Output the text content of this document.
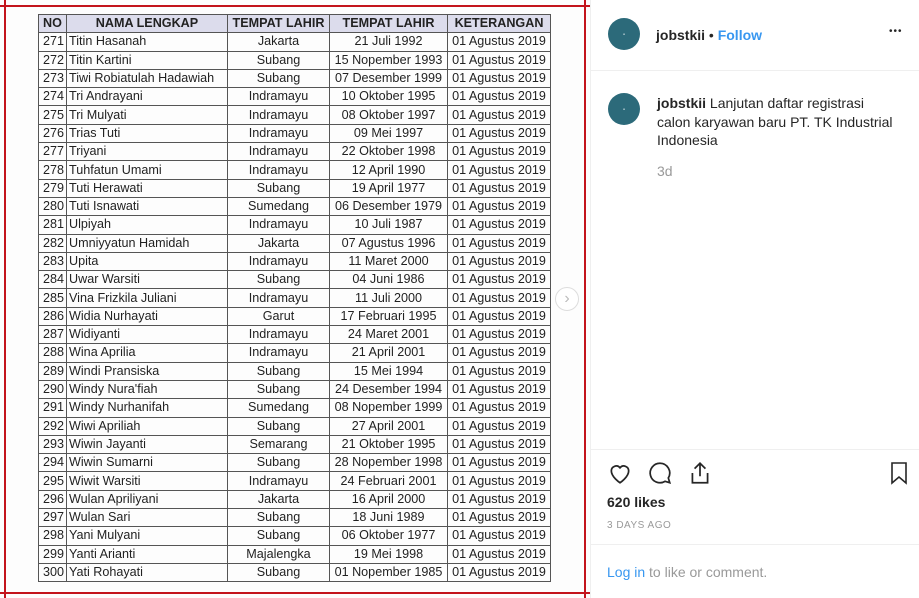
NO	NAMA LENGKAP	TEMPAT LAHIR	TEMPAT LAHIR	KETERANGAN
271	Titin Hasanah	Jakarta	21 Juli 1992	01 Agustus 2019
272	Titin Kartini	Subang	15 Nopember 1993	01 Agustus 2019
273	Tiwi Robiatulah Hadawiah	Subang	07 Desember 1999	01 Agustus 2019
274	Tri Andrayani	Indramayu	10 Oktober 1995	01 Agustus 2019
275	Tri Mulyati	Indramayu	08 Oktober 1997	01 Agustus 2019
276	Trias Tuti	Indramayu	09 Mei 1997	01 Agustus 2019
277	Triyani	Indramayu	22 Oktober 1998	01 Agustus 2019
278	Tuhfatun Umami	Indramayu	12 April 1990	01 Agustus 2019
279	Tuti Herawati	Subang	19 April 1977	01 Agustus 2019
280	Tuti Isnawati	Sumedang	06 Desember 1979	01 Agustus 2019
281	Ulpiyah	Indramayu	10 Juli 1987	01 Agustus 2019
282	Umniyyatun Hamidah	Jakarta	07 Agustus 1996	01 Agustus 2019
283	Upita	Indramayu	11 Maret 2000	01 Agustus 2019
284	Uwar Warsiti	Subang	04 Juni 1986	01 Agustus 2019
285	Vina Frizkila Juliani	Indramayu	11 Juli 2000	01 Agustus 2019
286	Widia Nurhayati	Garut	17 Februari 1995	01 Agustus 2019
287	Widiyanti	Indramayu	24 Maret 2001	01 Agustus 2019
288	Wina Aprilia	Indramayu	21 April 2001	01 Agustus 2019
289	Windi Pransiska	Subang	15 Mei 1994	01 Agustus 2019
290	Windy Nura'fiah	Subang	24 Desember 1994	01 Agustus 2019
291	Windy Nurhanifah	Sumedang	08 Nopember 1999	01 Agustus 2019
292	Wiwi Apriliah	Subang	27 April 2001	01 Agustus 2019
293	Wiwin Jayanti	Semarang	21 Oktober 1995	01 Agustus 2019
294	Wiwin Sumarni	Subang	28 Nopember 1998	01 Agustus 2019
295	Wiwit Warsiti	Indramayu	24 Februari 2001	01 Agustus 2019
296	Wulan Apriliyani	Jakarta	16 April 2000	01 Agustus 2019
297	Wulan Sari	Subang	18 Juni 1989	01 Agustus 2019
298	Yani Mulyani	Subang	06 Oktober 1977	01 Agustus 2019
299	Yanti Arianti	Majalengka	19 Mei 1998	01 Agustus 2019
300	Yati Rohayati	Subang	01 Nopember 1985	01 Agustus 2019
›
●	jobstkii • Follow	•••
●	jobstkii Lanjutan daftar registrasi calon karyawan baru PT. TK Industrial Indonesia
3d
620 likes
3 DAYS AGO
Log in to like or comment.
